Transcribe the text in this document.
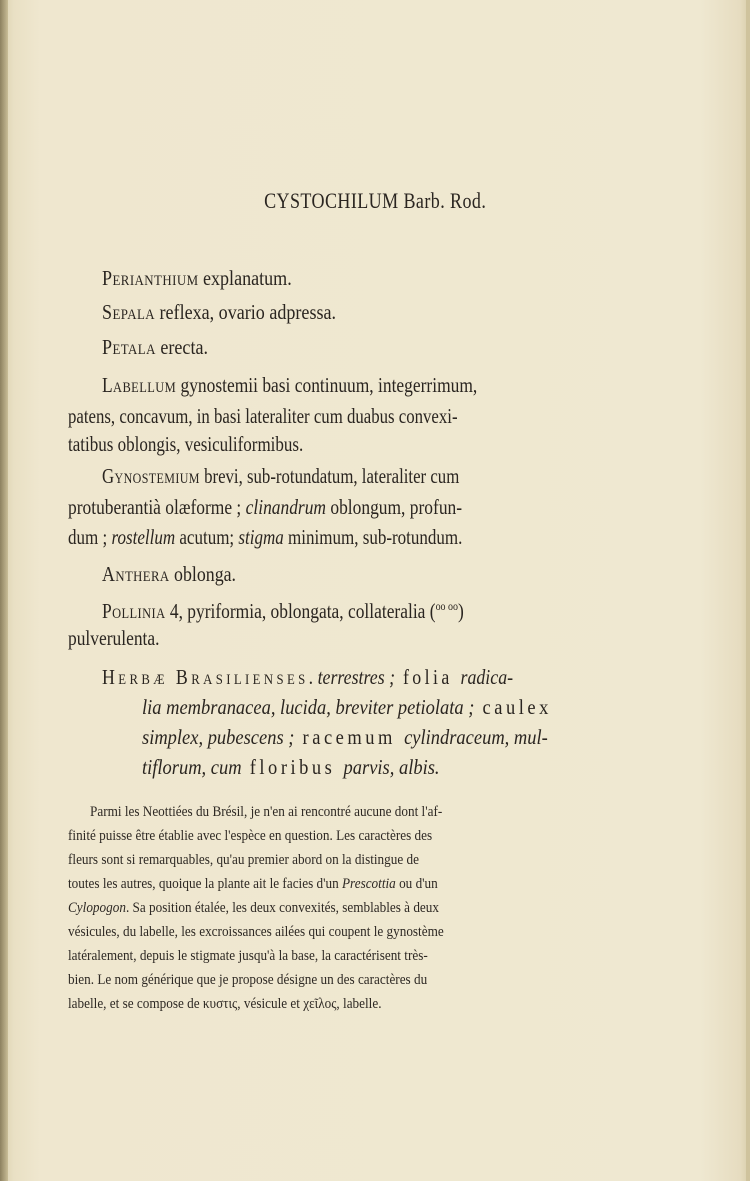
CYSTOCHILUM Barb. Rod.
Perianthium explanatum.
Sepala reflexa, ovario adpressa.
Petala erecta.
Labellum gynostemii basi continuum, integerrimum,
patens, concavum, in basi lateraliter cum duabus convexi-
tatibus oblongis, vesiculiformibus.
Gynostemium brevi, sub-rotundatum, lateraliter cum
protuberantià olæforme ; clinandrum oblongum, profun-
dum ; rostellum acutum; stigma minimum, sub-rotundum.
Anthera oblonga.
Pollinia 4, pyriformia, oblongata, collateralia ($^{oo oo}$)
pulverulenta.
Herbæ Brasilienses. terrestres ; folia radica-
lia membranacea, lucida, breviter petiolata ; caulex
simplex, pubescens ; racemum cylindraceum, mul-
tiflorum, cum floribus parvis, albis.
Parmi les Neottiées du Brésil, je n'en ai rencontré aucune dont l'af-
finité puisse être établie avec l'espèce en question. Les caractères des
fleurs sont si remarquables, qu'au premier abord on la distingue de
toutes les autres, quoique la plante ait le facies d'un Prescottia ou d'un
Cylopogon. Sa position étalée, les deux convexités, semblables à deux
vésicules, du labelle, les excroissances ailées qui coupent le gynostème
latéralement, depuis le stigmate jusqu'à la base, la caractérisent très-
bien. Le nom générique que je propose désigne un des caractères du
labelle, et se compose de κυστις, vésicule et χεῖλος, labelle.
